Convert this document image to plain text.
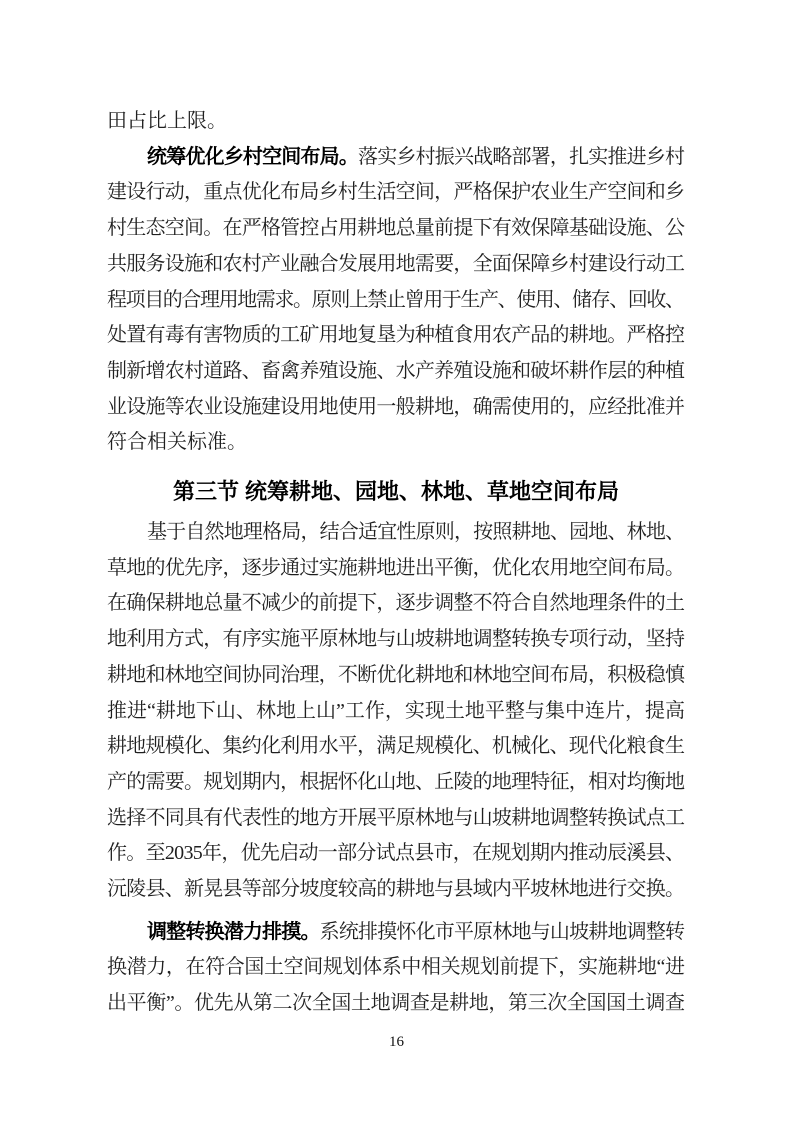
田占比上限。
统筹优化乡村空间布局。落实乡村振兴战略部署，扎实推进乡村
建设行动，重点优化布局乡村生活空间，严格保护农业生产空间和乡
村生态空间。在严格管控占用耕地总量前提下有效保障基础设施、公
共服务设施和农村产业融合发展用地需要，全面保障乡村建设行动工
程项目的合理用地需求。原则上禁止曾用于生产、使用、储存、回收、
处置有毒有害物质的工矿用地复垦为种植食用农产品的耕地。严格控
制新增农村道路、畜禽养殖设施、水产养殖设施和破坏耕作层的种植
业设施等农业设施建设用地使用一般耕地，确需使用的，应经批准并
符合相关标准。
第三节 统筹耕地、园地、林地、草地空间布局
基于自然地理格局，结合适宜性原则，按照耕地、园地、林地、
草地的优先序，逐步通过实施耕地进出平衡，优化农用地空间布局。
在确保耕地总量不减少的前提下，逐步调整不符合自然地理条件的土
地利用方式，有序实施平原林地与山坡耕地调整转换专项行动，坚持
耕地和林地空间协同治理，不断优化耕地和林地空间布局，积极稳慎
推进“耕地下山、林地上山”工作，实现土地平整与集中连片，提高
耕地规模化、集约化利用水平，满足规模化、机械化、现代化粮食生
产的需要。规划期内，根据怀化山地、丘陵的地理特征，相对均衡地
选择不同具有代表性的地方开展平原林地与山坡耕地调整转换试点工
作。至2035年，优先启动一部分试点县市，在规划期内推动辰溪县、
沅陵县、新晃县等部分坡度较高的耕地与县域内平坡林地进行交换。
调整转换潜力排摸。系统排摸怀化市平原林地与山坡耕地调整转
换潜力，在符合国土空间规划体系中相关规划前提下，实施耕地“进
出平衡”。优先从第二次全国土地调查是耕地，第三次全国国土调查
16
